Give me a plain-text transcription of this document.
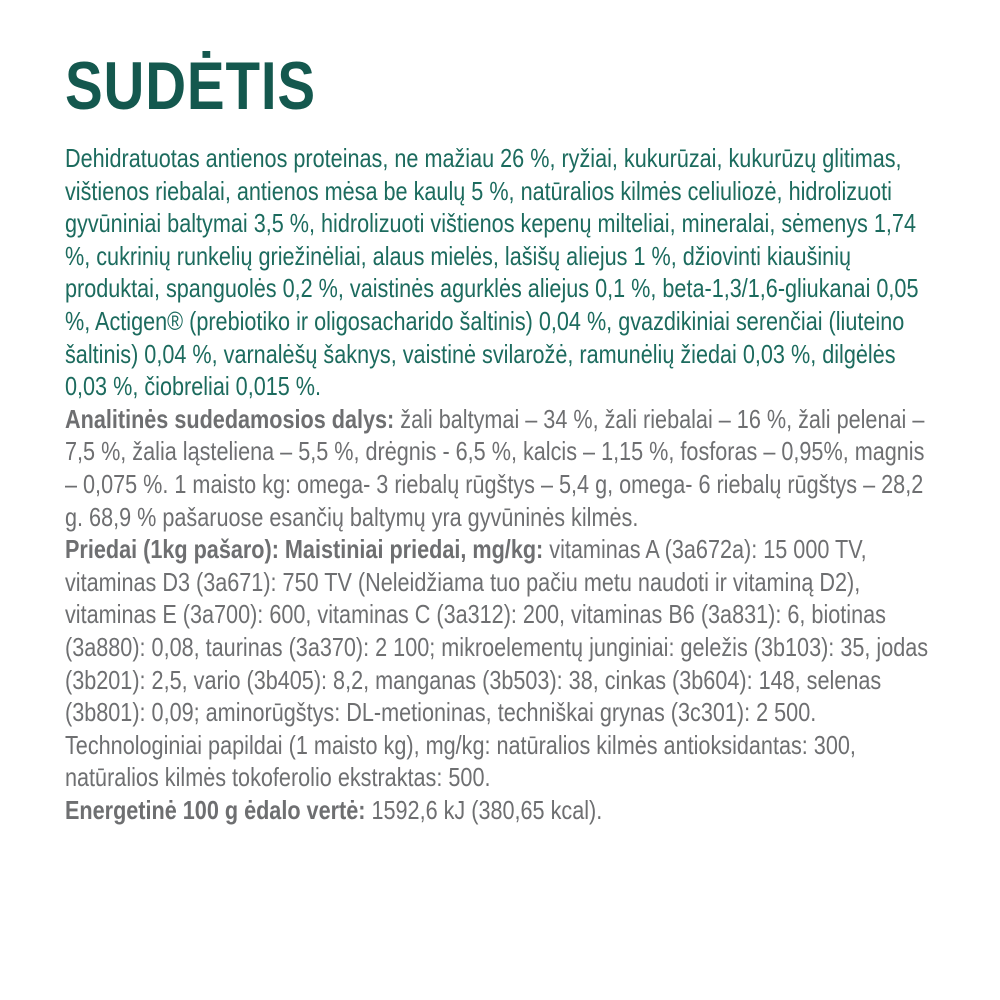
SUDĖTIS

Dehidratuotas antienos proteinas, ne mažiau 26 %, ryžiai, kukurūzai, kukurūzų glitimas, vištienos riebalai, antienos mėsa be kaulų 5 %, natūralios kilmės celiuliozė, hidrolizuoti gyvūniniai baltymai 3,5 %, hidrolizuoti vištienos kepenų milteliai, mineralai, sėmenys 1,74 %, cukrinių runkelių griežinėliai, alaus mielės, lašišų aliejus 1 %, džiovinti kiaušinių produktai, spanguolės 0,2 %, vaistinės agurklės aliejus 0,1 %, beta-1,3/1,6-gliukanai 0,05 %, Actigen® (prebiotiko ir oligosacharido šaltinis) 0,04 %, gvazdikiniai serenčiai (liuteino šaltinis) 0,04 %, varnalėšų šaknys, vaistinė svilarožė, ramunėlių žiedai 0,03 %, dilgėlės 0,03 %, čiobreliai 0,015 %.

Analitinės sudedamosios dalys: žali baltymai – 34 %, žali riebalai – 16 %, žali pelenai – 7,5 %, žalia ląsteliena – 5,5 %, drėgnis - 6,5 %, kalcis – 1,15 %, fosforas – 0,95%, magnis – 0,075 %. 1 maisto kg: omega- 3 riebalų rūgštys – 5,4 g, omega- 6 riebalų rūgštys – 28,2 g. 68,9 % pašaruose esančių baltymų yra gyvūninės kilmės.

Priedai (1kg pašaro): Maistiniai priedai, mg/kg: vitaminas A (3a672a): 15 000 TV, vitaminas D3 (3a671): 750 TV (Neleidžiama tuo pačiu metu naudoti ir vitaminą D2), vitaminas E (3a700): 600, vitaminas C (3a312): 200, vitaminas B6 (3a831): 6, biotinas (3a880): 0,08, taurinas (3a370): 2 100; mikroelementų junginiai: geležis (3b103): 35, jodas (3b201): 2,5, vario (3b405): 8,2, manganas (3b503): 38, cinkas (3b604): 148, selenas (3b801): 0,09; aminorūgštys: DL-metioninas, techniškai grynas (3c301): 2 500. Technologiniai papildai (1 maisto kg), mg/kg: natūralios kilmės antioksidantas: 300, natūralios kilmės tokoferolio ekstraktas: 500.

Energetinė 100 g ėdalo vertė: 1592,6 kJ (380,65 kcal).
